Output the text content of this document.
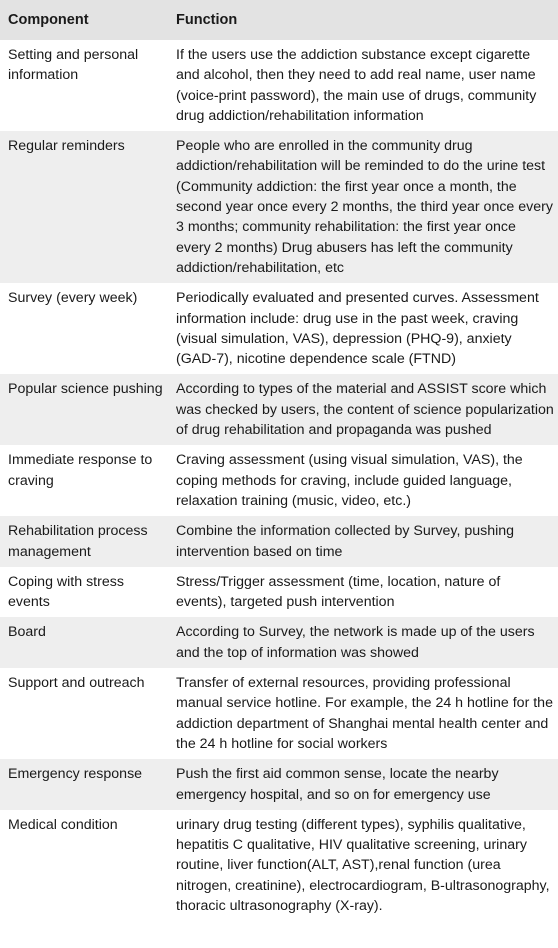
Component	Function
Setting and personal information	If the users use the addiction substance except cigarette and alcohol, then they need to add real name, user name (voice-print password), the main use of drugs, community drug addiction/rehabilitation information
Regular reminders	People who are enrolled in the community drug addiction/rehabilitation will be reminded to do the urine test (Community addiction: the first year once a month, the second year once every 2 months, the third year once every 3 months; community rehabilitation: the first year once every 2 months) Drug abusers has left the community addiction/rehabilitation, etc
Survey (every week)	Periodically evaluated and presented curves. Assessment information include: drug use in the past week, craving (visual simulation, VAS), depression (PHQ-9), anxiety (GAD-7), nicotine dependence scale (FTND)
Popular science pushing	According to types of the material and ASSIST score which was checked by users, the content of science popularization of drug rehabilitation and propaganda was pushed
Immediate response to craving	Craving assessment (using visual simulation, VAS), the coping methods for craving, include guided language, relaxation training (music, video, etc.)
Rehabilitation process management	Combine the information collected by Survey, pushing intervention based on time
Coping with stress events	Stress/Trigger assessment (time, location, nature of events), targeted push intervention
Board	According to Survey, the network is made up of the users and the top of information was showed
Support and outreach	Transfer of external resources, providing professional manual service hotline. For example, the 24 h hotline for the addiction department of Shanghai mental health center and the 24 h hotline for social workers
Emergency response	Push the first aid common sense, locate the nearby emergency hospital, and so on for emergency use
Medical condition	urinary drug testing (different types), syphilis qualitative, hepatitis C qualitative, HIV qualitative screening, urinary routine, liver function(ALT, AST),renal function (urea nitrogen, creatinine), electrocardiogram, B-ultrasonography, thoracic ultrasonography (X-ray).
